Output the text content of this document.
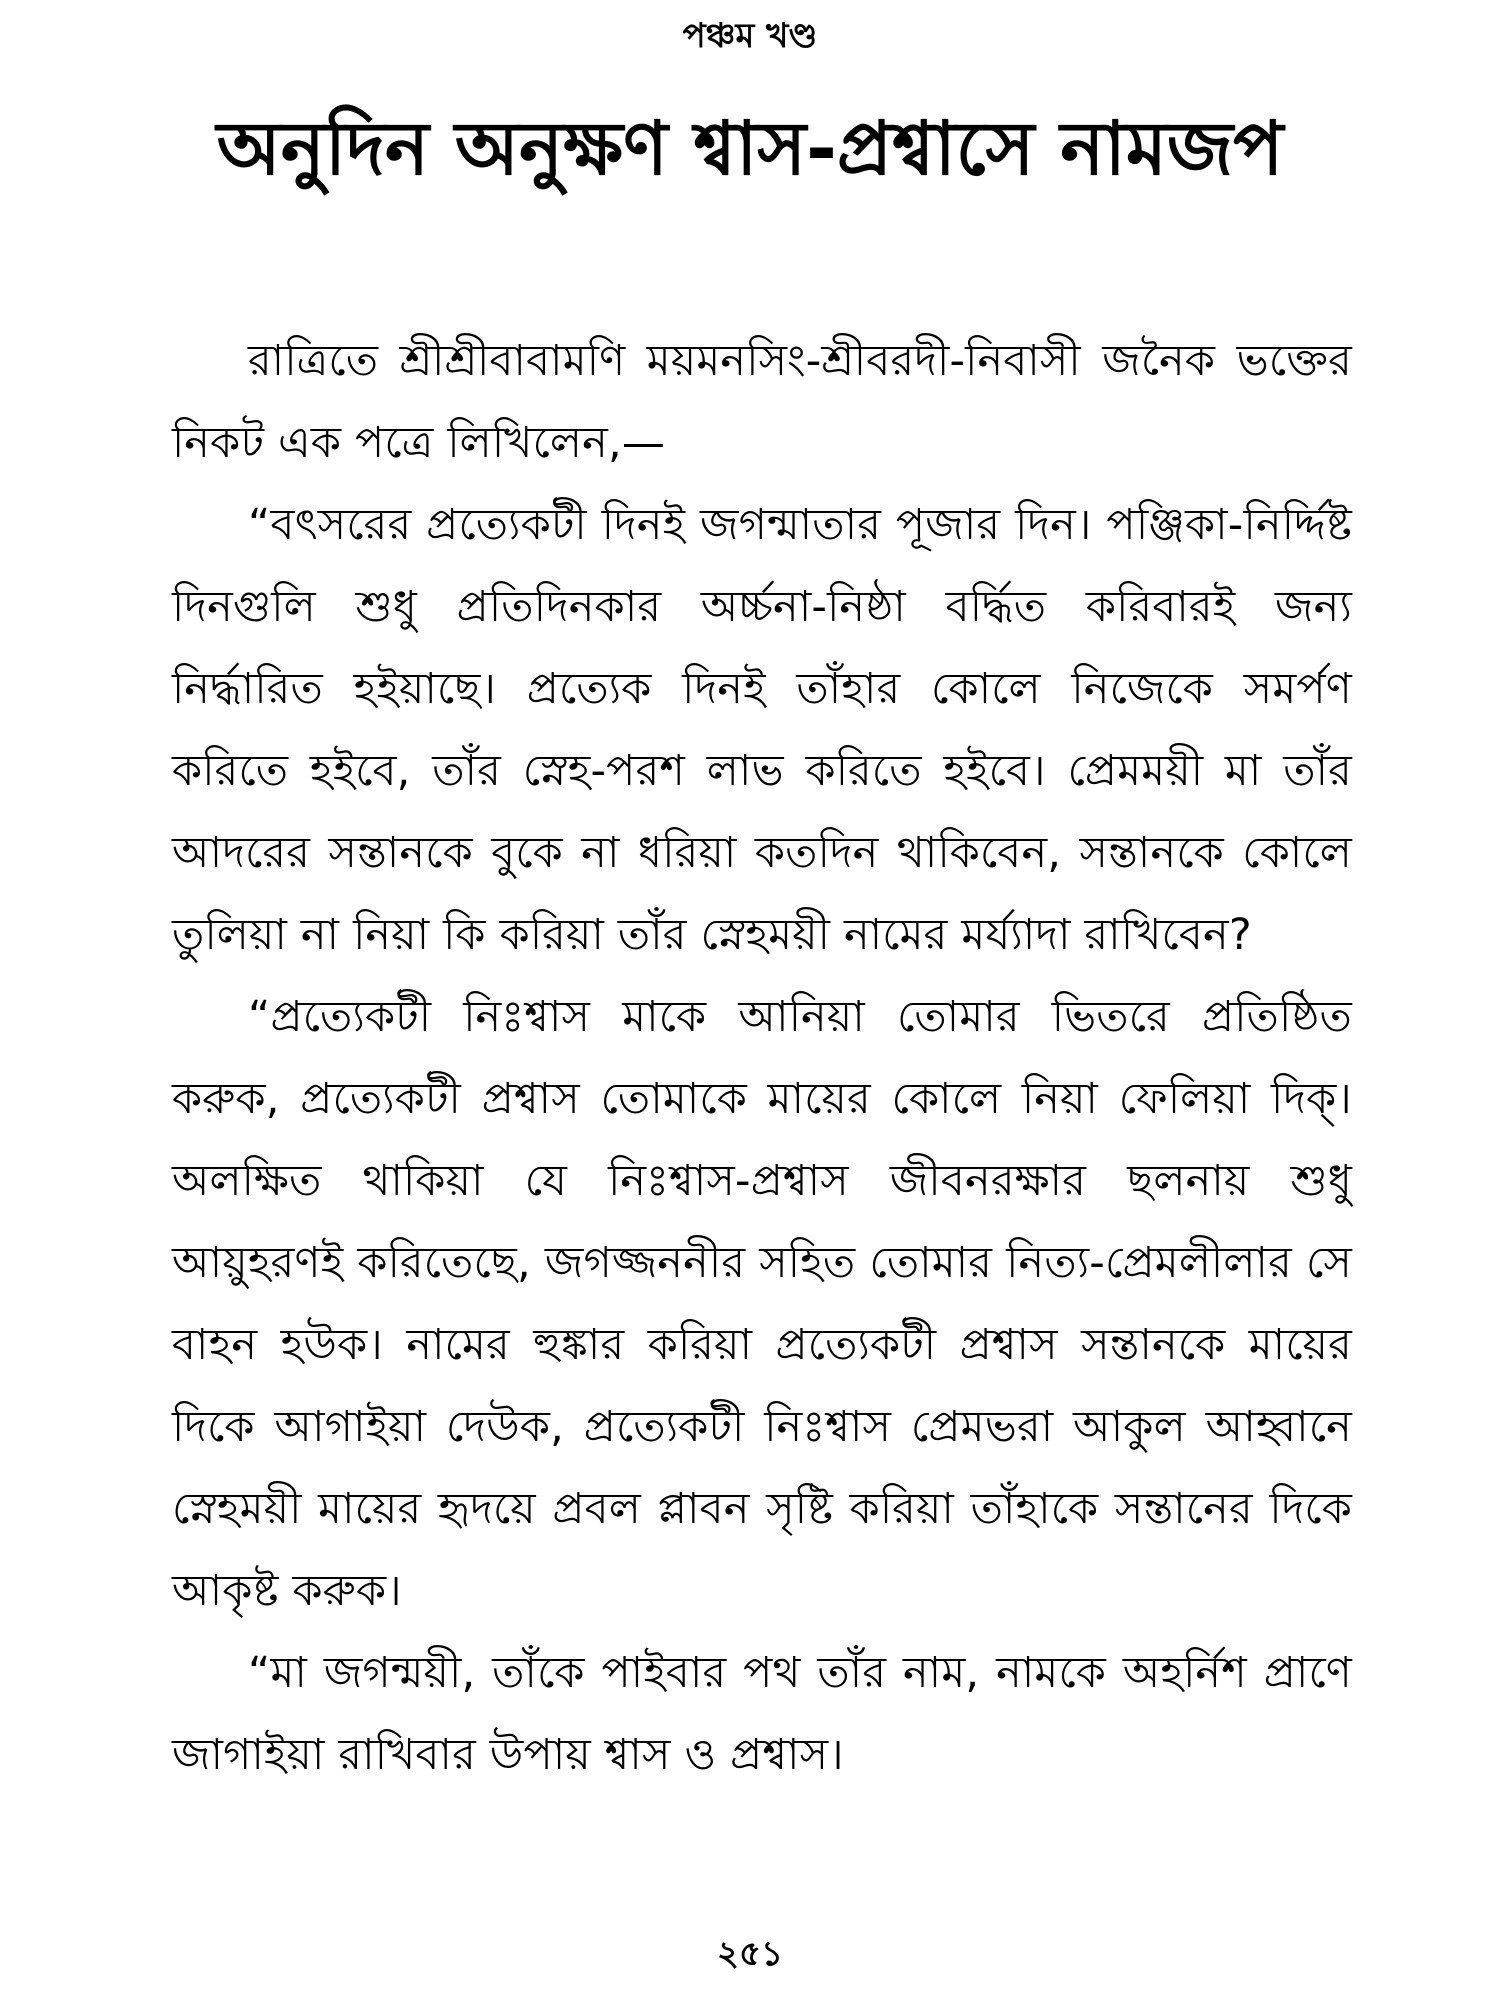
পঞ্চম খণ্ড
অনুদিন অনুক্ষণ শ্বাস-প্রশ্বাসে নামজপ

রাত্রিতে শ্রীশ্রীবাবামণি ময়মনসিং-শ্রীবরদী-নিবাসী জনৈক ভক্তের নিকট এক পত্রে লিখিলেন,—

“বৎসরের প্রত্যেকটী দিনই জগন্মাতার পূজার দিন। পঞ্জিকা-নির্দ্দিষ্ট দিনগুলি শুধু প্রতিদিনকার অর্চ্চনা-নিষ্ঠা বর্দ্ধিত করিবারই জন্য নির্দ্ধারিত হইয়াছে। প্রত্যেক দিনই তাঁহার কোলে নিজেকে সমর্পণ করিতে হইবে, তাঁর স্নেহ-পরশ লাভ করিতে হইবে। প্রেমময়ী মা তাঁর আদরের সন্তানকে বুকে না ধরিয়া কতদিন থাকিবেন, সন্তানকে কোলে তুলিয়া না নিয়া কি করিয়া তাঁর স্নেহময়ী নামের মর্য্যাদা রাখিবেন?

“প্রত্যেকটী নিঃশ্বাস মাকে আনিয়া তোমার ভিতরে প্রতিষ্ঠিত করুক, প্রত্যেকটী প্রশ্বাস তোমাকে মায়ের কোলে নিয়া ফেলিয়া দিক্। অলক্ষিত থাকিয়া যে নিঃশ্বাস-প্রশ্বাস জীবনরক্ষার ছলনায় শুধু আয়ুহরণই করিতেছে, জগজ্জননীর সহিত তোমার নিত্য-প্রেমলীলার সে বাহন হউক। নামের হুঙ্কার করিয়া প্রত্যেকটী প্রশ্বাস সন্তানকে মায়ের দিকে আগাইয়া দেউক, প্রত্যেকটী নিঃশ্বাস প্রেমভরা আকুল আহ্বানে স্নেহময়ী মায়ের হৃদয়ে প্রবল প্লাবন সৃষ্টি করিয়া তাঁহাকে সন্তানের দিকে আকৃষ্ট করুক।

“মা জগন্ময়ী, তাঁকে পাইবার পথ তাঁর নাম, নামকে অহর্নিশ প্রাণে জাগাইয়া রাখিবার উপায় শ্বাস ও প্রশ্বাস।

২৫১
